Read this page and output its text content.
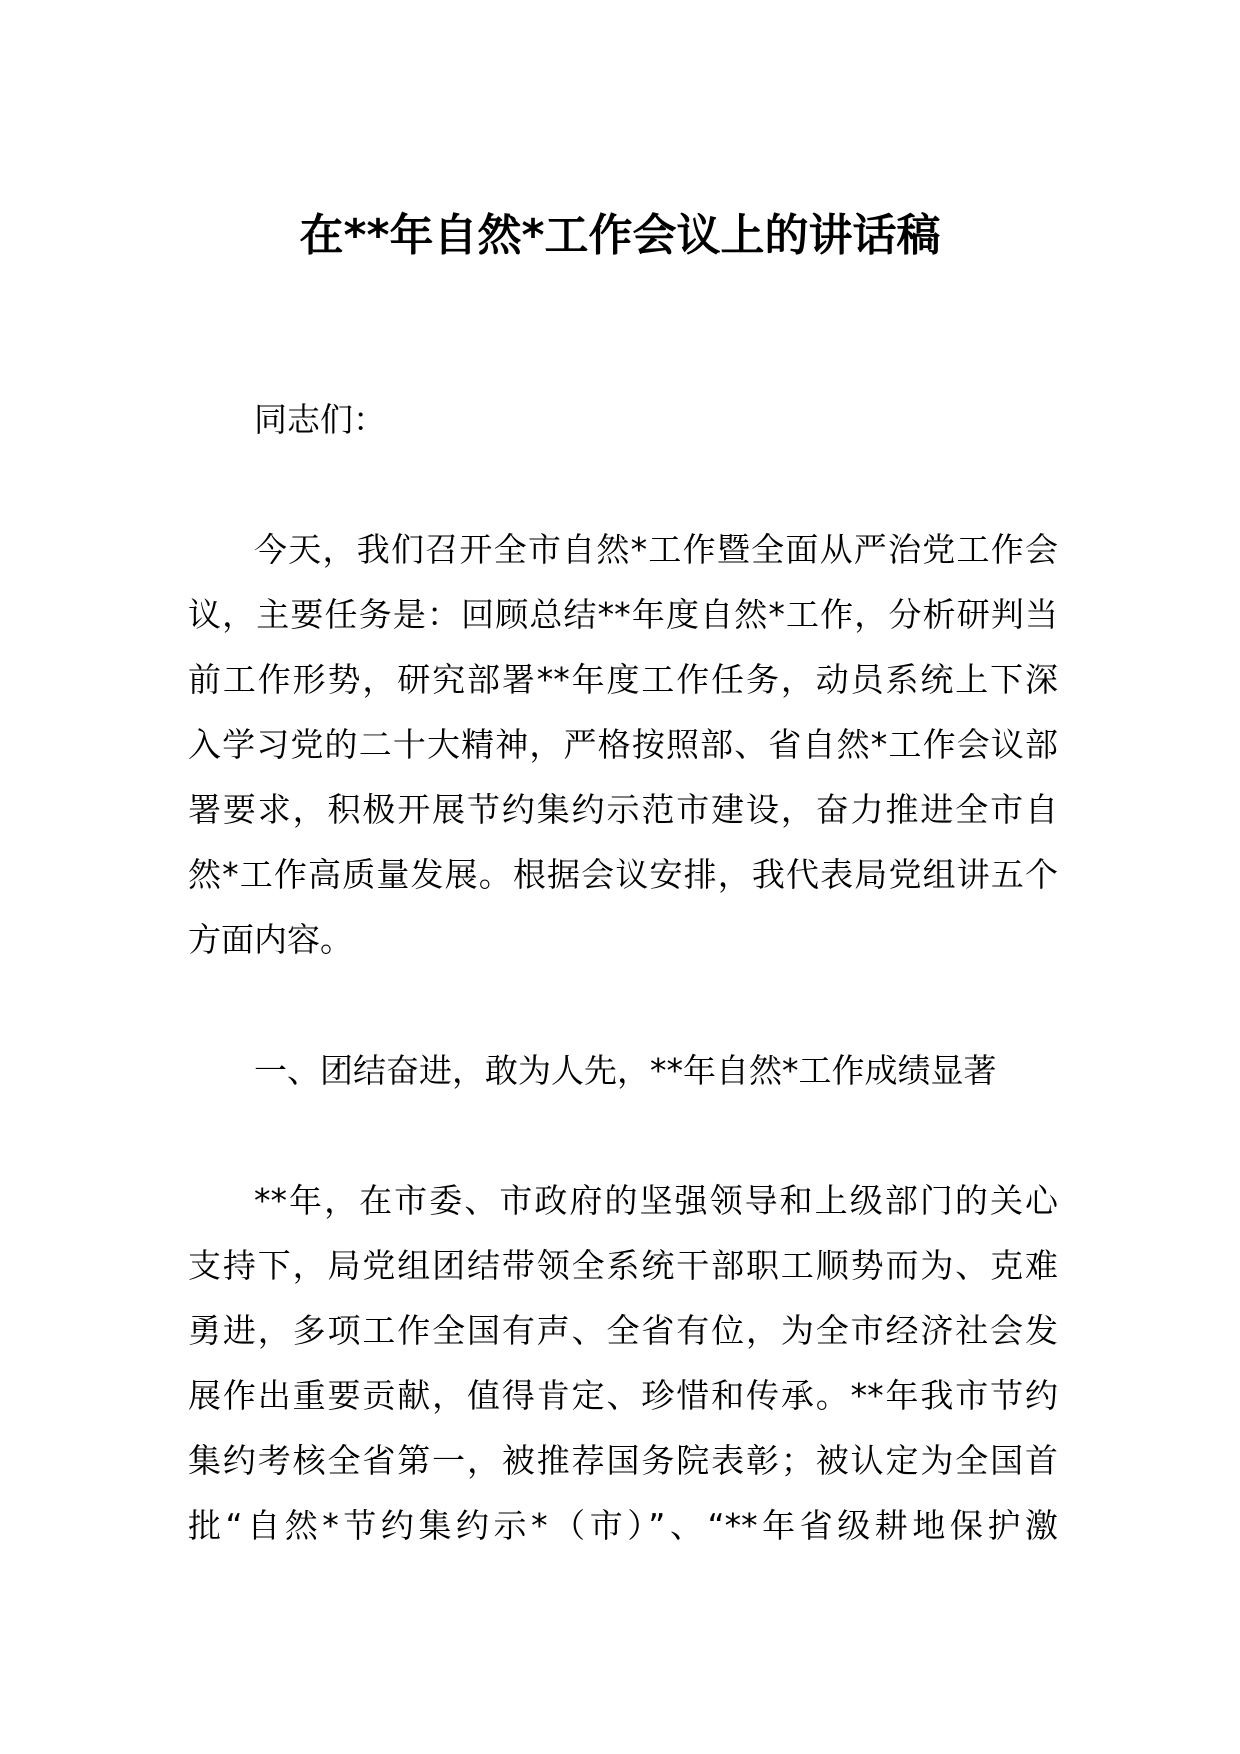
在**年自然*工作会议上的讲话稿
同志们：
今天，我们召开全市自然*工作暨全面从严治党工作会
议，主要任务是：回顾总结**年度自然*工作，分析研判当
前工作形势，研究部署**年度工作任务，动员系统上下深
入学习党的二十大精神，严格按照部、省自然*工作会议部
署要求，积极开展节约集约示范市建设，奋力推进全市自
然*工作高质量发展。根据会议安排，我代表局党组讲五个
方面内容。
一、团结奋进，敢为人先，**年自然*工作成绩显著
**年，在市委、市政府的坚强领导和上级部门的关心
支持下，局党组团结带领全系统干部职工顺势而为、克难
勇进，多项工作全国有声、全省有位，为全市经济社会发
展作出重要贡献，值得肯定、珍惜和传承。**年我市节约
集约考核全省第一，被推荐国务院表彰；被认定为全国首
批“自然*节约集约示*（市）”、“**年省级耕地保护激
